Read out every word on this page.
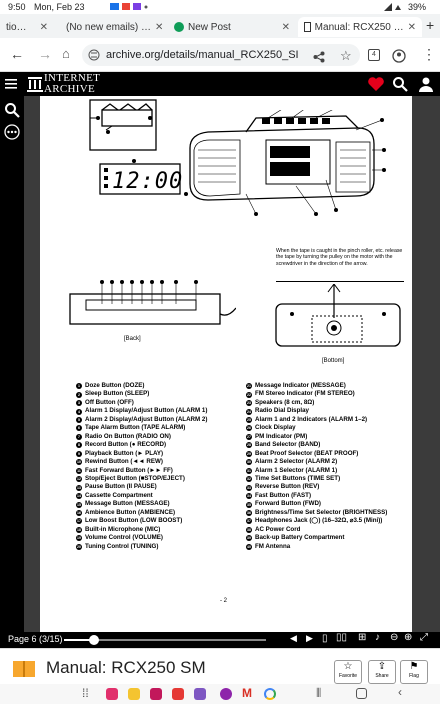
9:50 Mon, Feb 23	39%
tio… ✕ (No new emails) … ✕ New Post	✕ Manual: RCX250 … ✕ +
← → ⌂	archive.org/details/manual_RCX250_SI	☆	4	⋮
INTERNET
ARCHIVE
12:00
[Back]
When the tape is caught in the pinch roller, etc. release the tape by turning the pulley on the motor with the screwdriver in the direction of the arrow.
[Bottom]
1 Doze Button (DOZE)
2 Sleep Button (SLEEP)
3 Off Button (OFF)
4 Alarm 1 Display/Adjust Button (ALARM 1)
5 Alarm 2 Display/Adjust Button (ALARM 2)
6 Tape Alarm Button (TAPE ALARM)
7 Radio On Button (RADIO ON)
8 Record Button (● RECORD)
9 Playback Button (► PLAY)
10 Rewind Button (◄◄ REW)
11 Fast Forward Button (►► FF)
12 Stop/Eject Button (■STOP/EJECT)
13 Pause Button (II PAUSE)
14 Cassette Compartment
15 Message Button (MESSAGE)
16 Ambience Button (AMBIENCE)
17 Low Boost Button (LOW BOOST)
18 Built-in Microphone (MIC)
19 Volume Control (VOLUME)
20 Tuning Control (TUNING)
21 Message Indicator (MESSAGE)
22 FM Stereo Indicator (FM STEREO)
23 Speakers (8 cm, 8Ω)
24 Radio Dial Display
25 Alarm 1 and 2 Indicators (ALARM 1–2)
26 Clock Display
27 PM Indicator (PM)
28 Band Selector (BAND)
29 Beat Proof Selector (BEAT PROOF)
30 Alarm 2 Selector (ALARM 2)
31 Alarm 1 Selector (ALARM 1)
32 Time Set Buttons (TIME SET)
33 Reverse Button (REV)
34 Fast Button (FAST)
35 Forward Button (FWD)
36 Brightness/Time Set Selector (BRIGHTNESS)
37 Headphones Jack (◯) (16–32Ω, ⌀3.5 (Mini))
38 AC Power Cord
39 Back-up Battery Compartment
40 FM Antenna
- 2
Page 6 (3/15)	◀ ▶ ▯ ▯▯ ⊞ ♪ ⊖ ⊕ ⤢
Manual: RCX250 SM	☆
Favorite
⇪
Share
⚑
Flag
⁞⁞	M	⦀	‹
